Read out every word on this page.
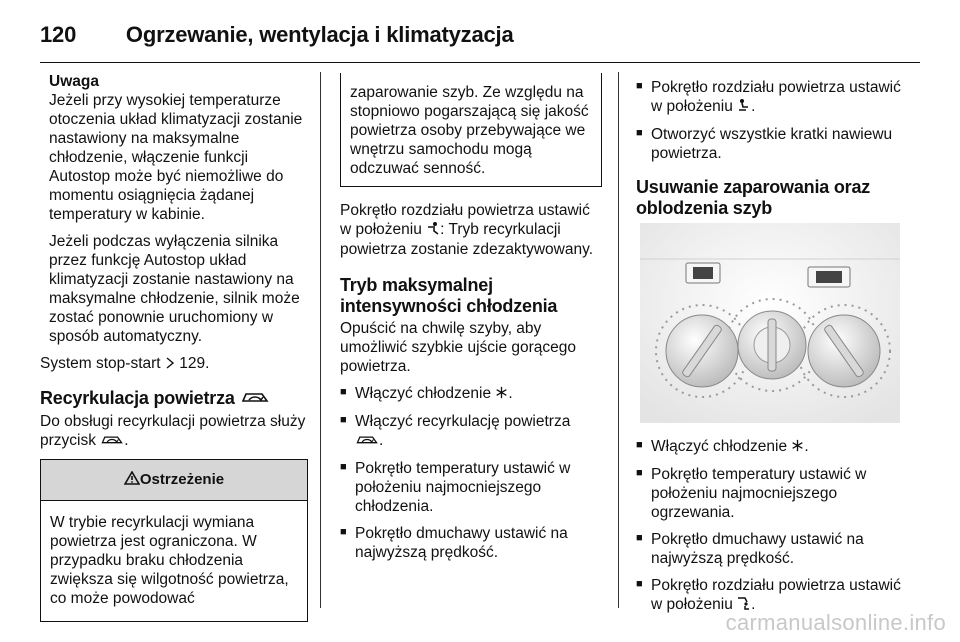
120 Ogrzewanie, wentylacja i klimatyzacja
Uwaga

Jeżeli przy wysokiej temperaturze otoczenia układ klimatyzacji zostanie nastawiony na maksymalne chłodzenie, włączenie funkcji Autostop może być niemożliwe do momentu osiągnięcia żądanej temperatury w kabinie.

Jeżeli podczas wyłączenia silnika przez funkcję Autostop układ klimatyzacji zostanie nastawiony na maksymalne chłodzenie, silnik może zostać ponownie uruchomiony w sposób automatyczny.

System stop-start 129.

Recyrkulacja powietrza

Do obsługi recyrkulacji powietrza służy przycisk .

Ostrzeżenie
W trybie recyrkulacji wymiana powietrza jest ograniczona. W przypadku braku chłodzenia zwiększa się wilgotność powietrza, co może powodować
zaparowanie szyb. Ze względu na stopniowo pogarszającą się jakość powietrza osoby przebywające we wnętrzu samochodu mogą odczuwać senność.

Pokrętło rozdziału powietrza ustawić w położeniu : Tryb recyrkulacji powietrza zostanie zdezaktywowany.

Tryb maksymalnej intensywności chłodzenia

Opuścić na chwilę szyby, aby umożliwić szybkie ujście gorącego powietrza.

■ Włączyć chłodzenie .
■ Włączyć recyrkulację powietrza
.
■ Pokrętło temperatury ustawić w położeniu najmocniejszego chłodzenia.
■ Pokrętło dmuchawy ustawić na najwyższą prędkość.
■ Pokrętło rozdziału powietrza ustawić w położeniu .
■ Otworzyć wszystkie kratki nawiewu powietrza.
Usuwanie zaparowania oraz oblodzenia szyb
■ Włączyć chłodzenie .
■ Pokrętło temperatury ustawić w położeniu najmocniejszego ogrzewania.
■ Pokrętło dmuchawy ustawić na najwyższą prędkość.
■ Pokrętło rozdziału powietrza ustawić w położeniu .
carmanualsonline.info
